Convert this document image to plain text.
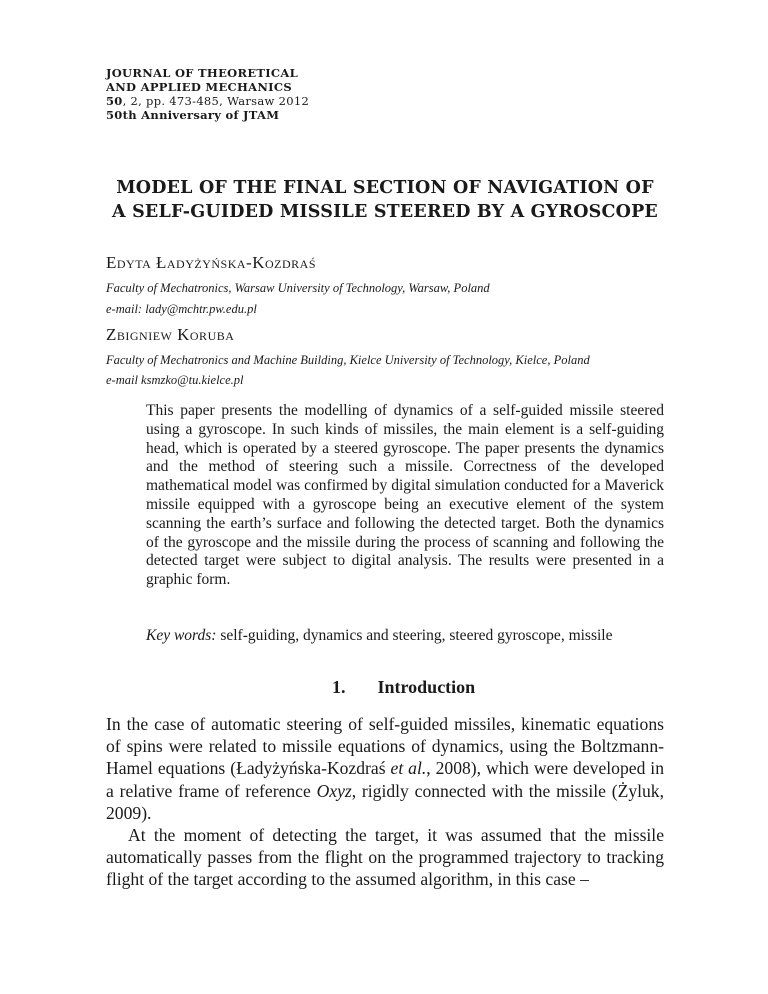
JOURNAL OF THEORETICAL
AND APPLIED MECHANICS
50, 2, pp. 473-485, Warsaw 2012
50th Anniversary of JTAM
MODEL OF THE FINAL SECTION OF NAVIGATION OF
A SELF-GUIDED MISSILE STEERED BY A GYROSCOPE
Edyta Ładyżyńska-Kozdraś
Faculty of Mechatronics, Warsaw University of Technology, Warsaw, Poland
e-mail: lady@mchtr.pw.edu.pl
Zbigniew Koruba
Faculty of Mechatronics and Machine Building, Kielce University of Technology, Kielce, Poland
e-mail ksmzko@tu.kielce.pl

This paper presents the modelling of dynamics of a self-guided missile steered using a gyroscope. In such kinds of missiles, the main element is a self-guiding head, which is operated by a steered gyroscope. The paper presents the dynamics and the method of steering such a missile. Correctness of the developed mathematical model was confirmed by digital simulation conducted for a Maverick missile equipped with a gyroscope being an executive element of the system scanning the earth’s surface and following the detected target. Both the dynamics of the gyroscope and the missile during the process of scanning and following the detected target were subject to digital analysis. The results were presented in a graphic form.

Key words: self-guiding, dynamics and steering, steered gyroscope, missile
1. Introduction

In the case of automatic steering of self-guided missiles, kinematic equations of spins were related to missile equations of dynamics, using the Boltzmann-Hamel equations (Ładyżyńska-Kozdraś et al., 2008), which were developed in a relative frame of reference Oxyz, rigidly connected with the missile (Żyluk, 2009).

At the moment of detecting the target, it was assumed that the missile automatically passes from the flight on the programmed trajectory to tracking flight of the target according to the assumed algorithm, in this case –
